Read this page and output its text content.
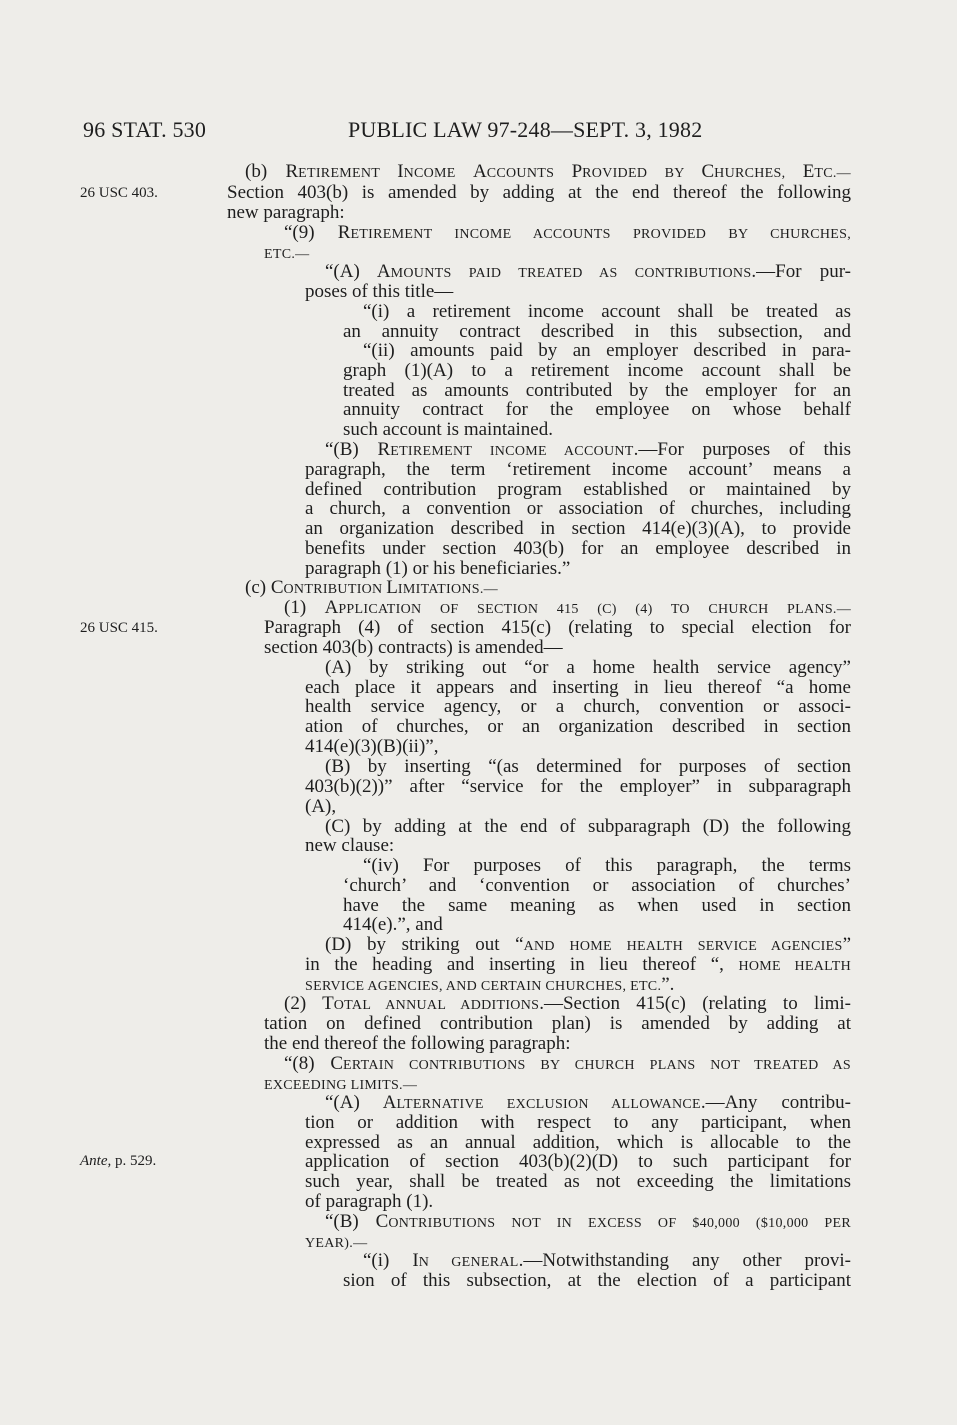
96 STAT. 530	PUBLIC LAW 97-248—SEPT. 3, 1982
26 USC 403.
26 USC 415.
Ante, p. 529.
(b) RETIREMENT INCOME ACCOUNTS PROVIDED BY CHURCHES, ETC.—
Section 403(b) is amended by adding at the end thereof the following
new paragraph:
“(9) RETIREMENT INCOME ACCOUNTS PROVIDED BY CHURCHES,
ETC.—
“(A) AMOUNTS PAID TREATED AS CONTRIBUTIONS.—For pur-
poses of this title—
“(i) a retirement income account shall be treated as
an annuity contract described in this subsection, and
“(ii) amounts paid by an employer described in para-
graph (1)(A) to a retirement income account shall be
treated as amounts contributed by the employer for an
annuity contract for the employee on whose behalf
such account is maintained.
“(B) RETIREMENT INCOME ACCOUNT.—For purposes of this
paragraph, the term ‘retirement income account’ means a
defined contribution program established or maintained by
a church, a convention or association of churches, including
an organization described in section 414(e)(3)(A), to provide
benefits under section 403(b) for an employee described in
paragraph (1) or his beneficiaries.”
(c) CONTRIBUTION LIMITATIONS.—
(1) APPLICATION OF SECTION 415 (C) (4) TO CHURCH PLANS.—
Paragraph (4) of section 415(c) (relating to special election for
section 403(b) contracts) is amended—
(A) by striking out “or a home health service agency”
each place it appears and inserting in lieu thereof “a home
health service agency, or a church, convention or associ-
ation of churches, or an organization described in section
414(e)(3)(B)(ii)”,
(B) by inserting “(as determined for purposes of section
403(b)(2))” after “service for the employer” in subparagraph
(A),
(C) by adding at the end of subparagraph (D) the following
new clause:
“(iv) For purposes of this paragraph, the terms
‘church’ and ‘convention or association of churches’
have the same meaning as when used in section
414(e).”, and
(D) by striking out “AND HOME HEALTH SERVICE AGENCIES”
in the heading and inserting in lieu thereof “, HOME HEALTH
SERVICE AGENCIES, AND CERTAIN CHURCHES, ETC.”.
(2) TOTAL ANNUAL ADDITIONS.—Section 415(c) (relating to limi-
tation on defined contribution plan) is amended by adding at
the end thereof the following paragraph:
“(8) CERTAIN CONTRIBUTIONS BY CHURCH PLANS NOT TREATED AS
EXCEEDING LIMITS.—
“(A) ALTERNATIVE EXCLUSION ALLOWANCE.—Any contribu-
tion or addition with respect to any participant, when
expressed as an annual addition, which is allocable to the
application of section 403(b)(2)(D) to such participant for
such year, shall be treated as not exceeding the limitations
of paragraph (1).
“(B) CONTRIBUTIONS NOT IN EXCESS OF $40,000 ($10,000 PER
YEAR).—
“(i) IN GENERAL.—Notwithstanding any other provi-
sion of this subsection, at the election of a participant
